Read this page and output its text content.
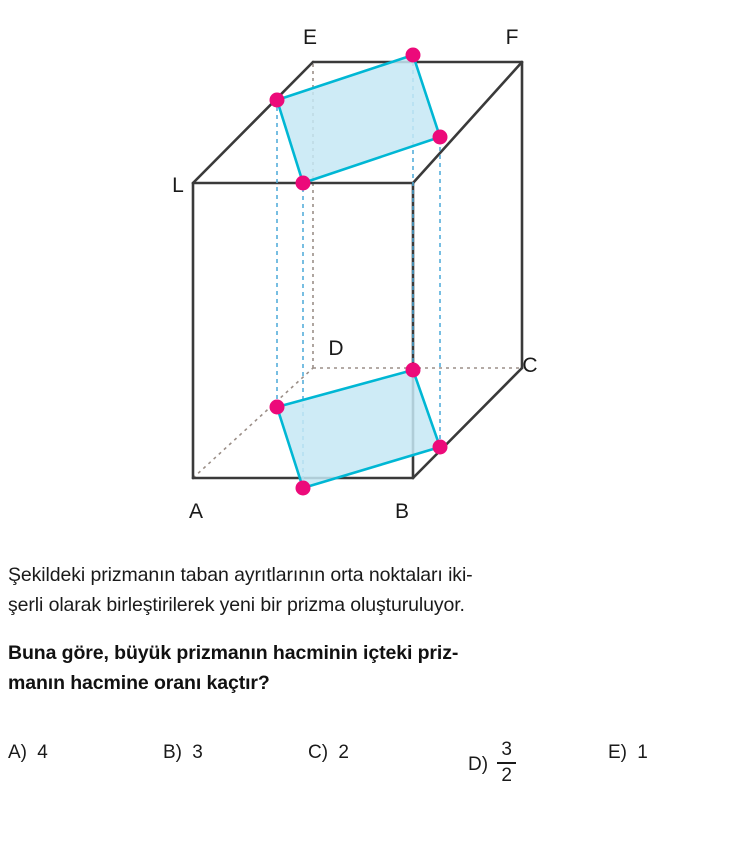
E	F
L
D
C
A	B

Şekildeki prizmanın taban ayrıtlarının orta noktaları iki-
şerli olarak birleştirilerek yeni bir prizma oluşturuluyor.

Buna göre, büyük prizmanın hacminin içteki priz-
manın hacmine oranı kaçtır?

A) 4	B) 3	C) 2
$D) \frac{3}{2}$	E) 1
